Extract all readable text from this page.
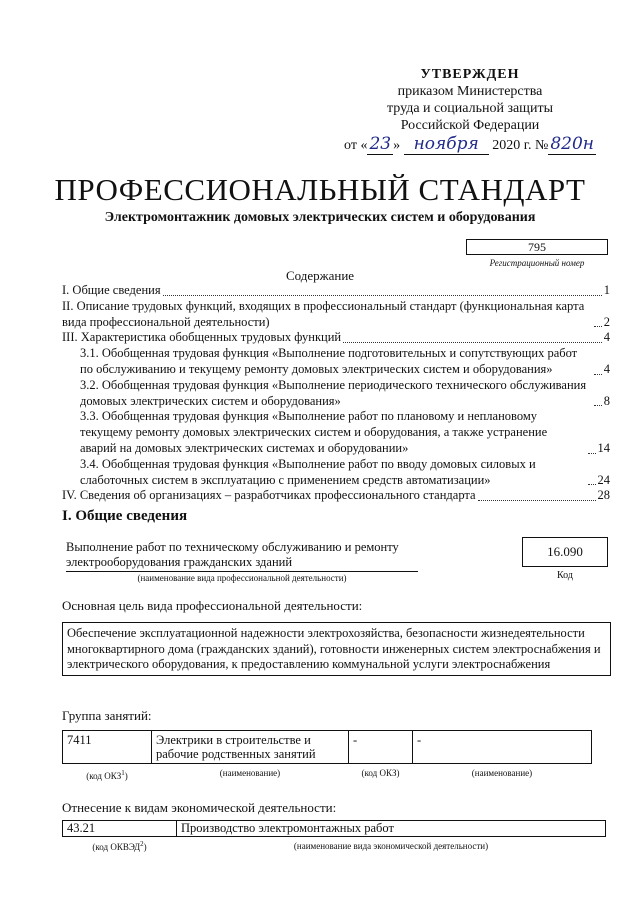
УТВЕРЖДЕН
приказом Министерства
труда и социальной защиты
Российской Федерации
от « 23 » ноября 2020 г. № 820н
ПРОФЕССИОНАЛЬНЫЙ СТАНДАРТ
Электромонтажник домовых электрических систем и оборудования
795
Регистрационный номер
Содержание
I. Общие сведения	1
II. Описание трудовых функций, входящих в профессиональный стандарт (функциональная карта вида профессиональной деятельности)	2
III. Характеристика обобщенных трудовых функций	4
3.1. Обобщенная трудовая функция «Выполнение подготовительных и сопутствующих работ по обслуживанию и текущему ремонту домовых электрических систем и оборудования»	4
3.2. Обобщенная трудовая функция «Выполнение периодического технического обслуживания домовых электрических систем и оборудования»	8
3.3. Обобщенная трудовая функция «Выполнение работ по плановому и неплановому текущему ремонту домовых электрических систем и оборудования, а также устранение аварий на домовых электрических системах и оборудовании»	14
3.4. Обобщенная трудовая функция «Выполнение работ по вводу домовых силовых и слаботочных систем в эксплуатацию с применением средств автоматизации»	24
IV. Сведения об организациях – разработчиках профессионального стандарта	28
I. Общие сведения
Выполнение работ по техническому обслуживанию и ремонту электрооборудования гражданских зданий
(наименование вида профессиональной деятельности)
16.090
Код
Основная цель вида профессиональной деятельности:
Обеспечение эксплуатационной надежности электрохозяйства, безопасности жизнедеятельности многоквартирного дома (гражданских зданий), готовности инженерных систем электроснабжения и электрического оборудования, к предоставлению коммунальной услуги электроснабжения
Группа занятий:
7411	Электрики в строительстве и рабочие родственных занятий	-	-
(код ОКЗ$^1$)	(наименование)	(код ОКЗ)	(наименование)
Отнесение к видам экономической деятельности:
43.21	Производство электромонтажных работ
(код ОКВЭД$^2$)	(наименование вида экономической деятельности)
